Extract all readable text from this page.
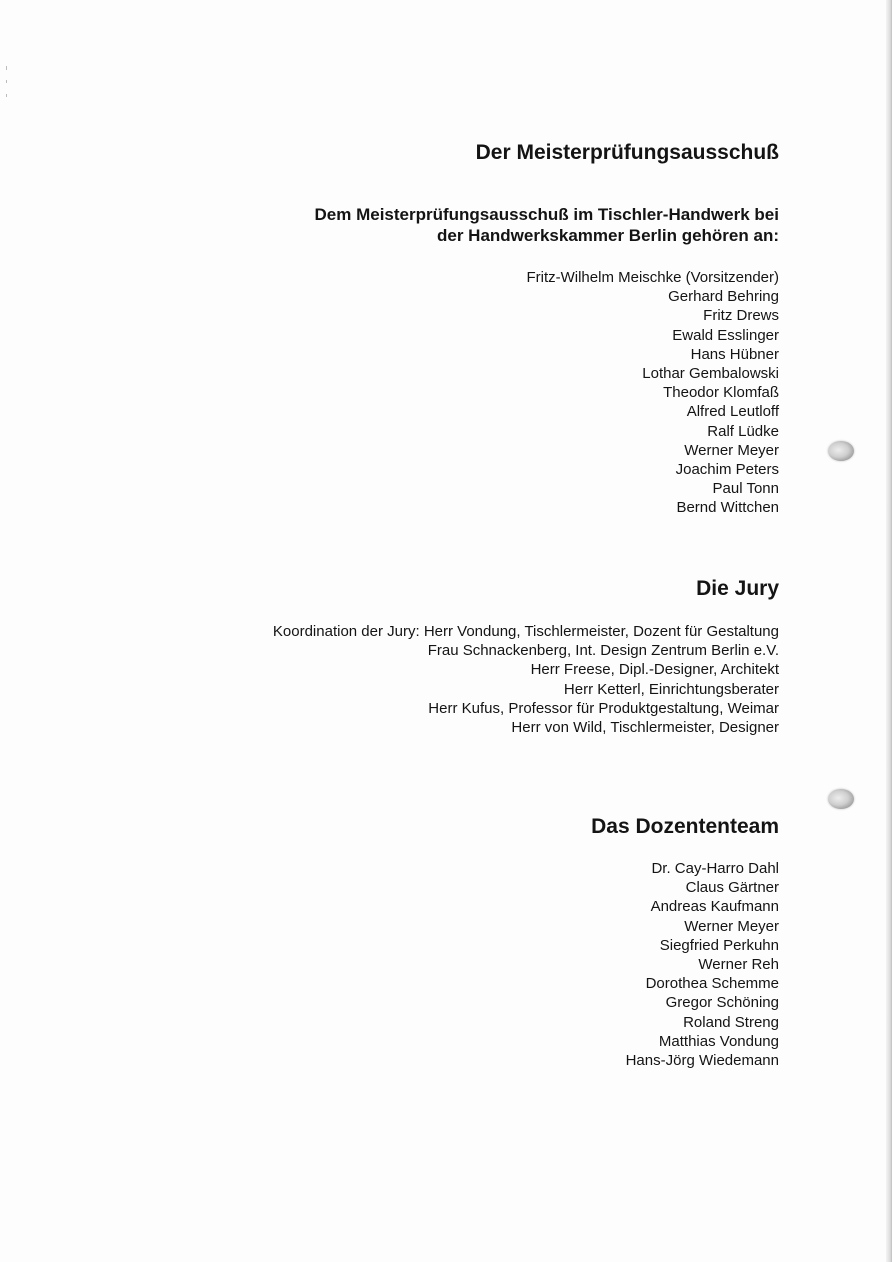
Der Meisterprüfungsausschuß
Dem Meisterprüfungsausschuß im Tischler-Handwerk bei
der Handwerkskammer Berlin gehören an:
Fritz-Wilhelm Meischke (Vorsitzender)
Gerhard Behring
Fritz Drews
Ewald Esslinger
Hans Hübner
Lothar Gembalowski
Theodor Klomfaß
Alfred Leutloff
Ralf Lüdke
Werner Meyer
Joachim Peters
Paul Tonn
Bernd Wittchen
Die Jury
Koordination der Jury: Herr Vondung, Tischlermeister, Dozent für Gestaltung
Frau Schnackenberg, Int. Design Zentrum Berlin e.V.
Herr Freese, Dipl.-Designer, Architekt
Herr Ketterl, Einrichtungsberater
Herr Kufus, Professor für Produktgestaltung, Weimar
Herr von Wild, Tischlermeister, Designer
Das Dozententeam
Dr. Cay-Harro Dahl
Claus Gärtner
Andreas Kaufmann
Werner Meyer
Siegfried Perkuhn
Werner Reh
Dorothea Schemme
Gregor Schöning
Roland Streng
Matthias Vondung
Hans-Jörg Wiedemann
